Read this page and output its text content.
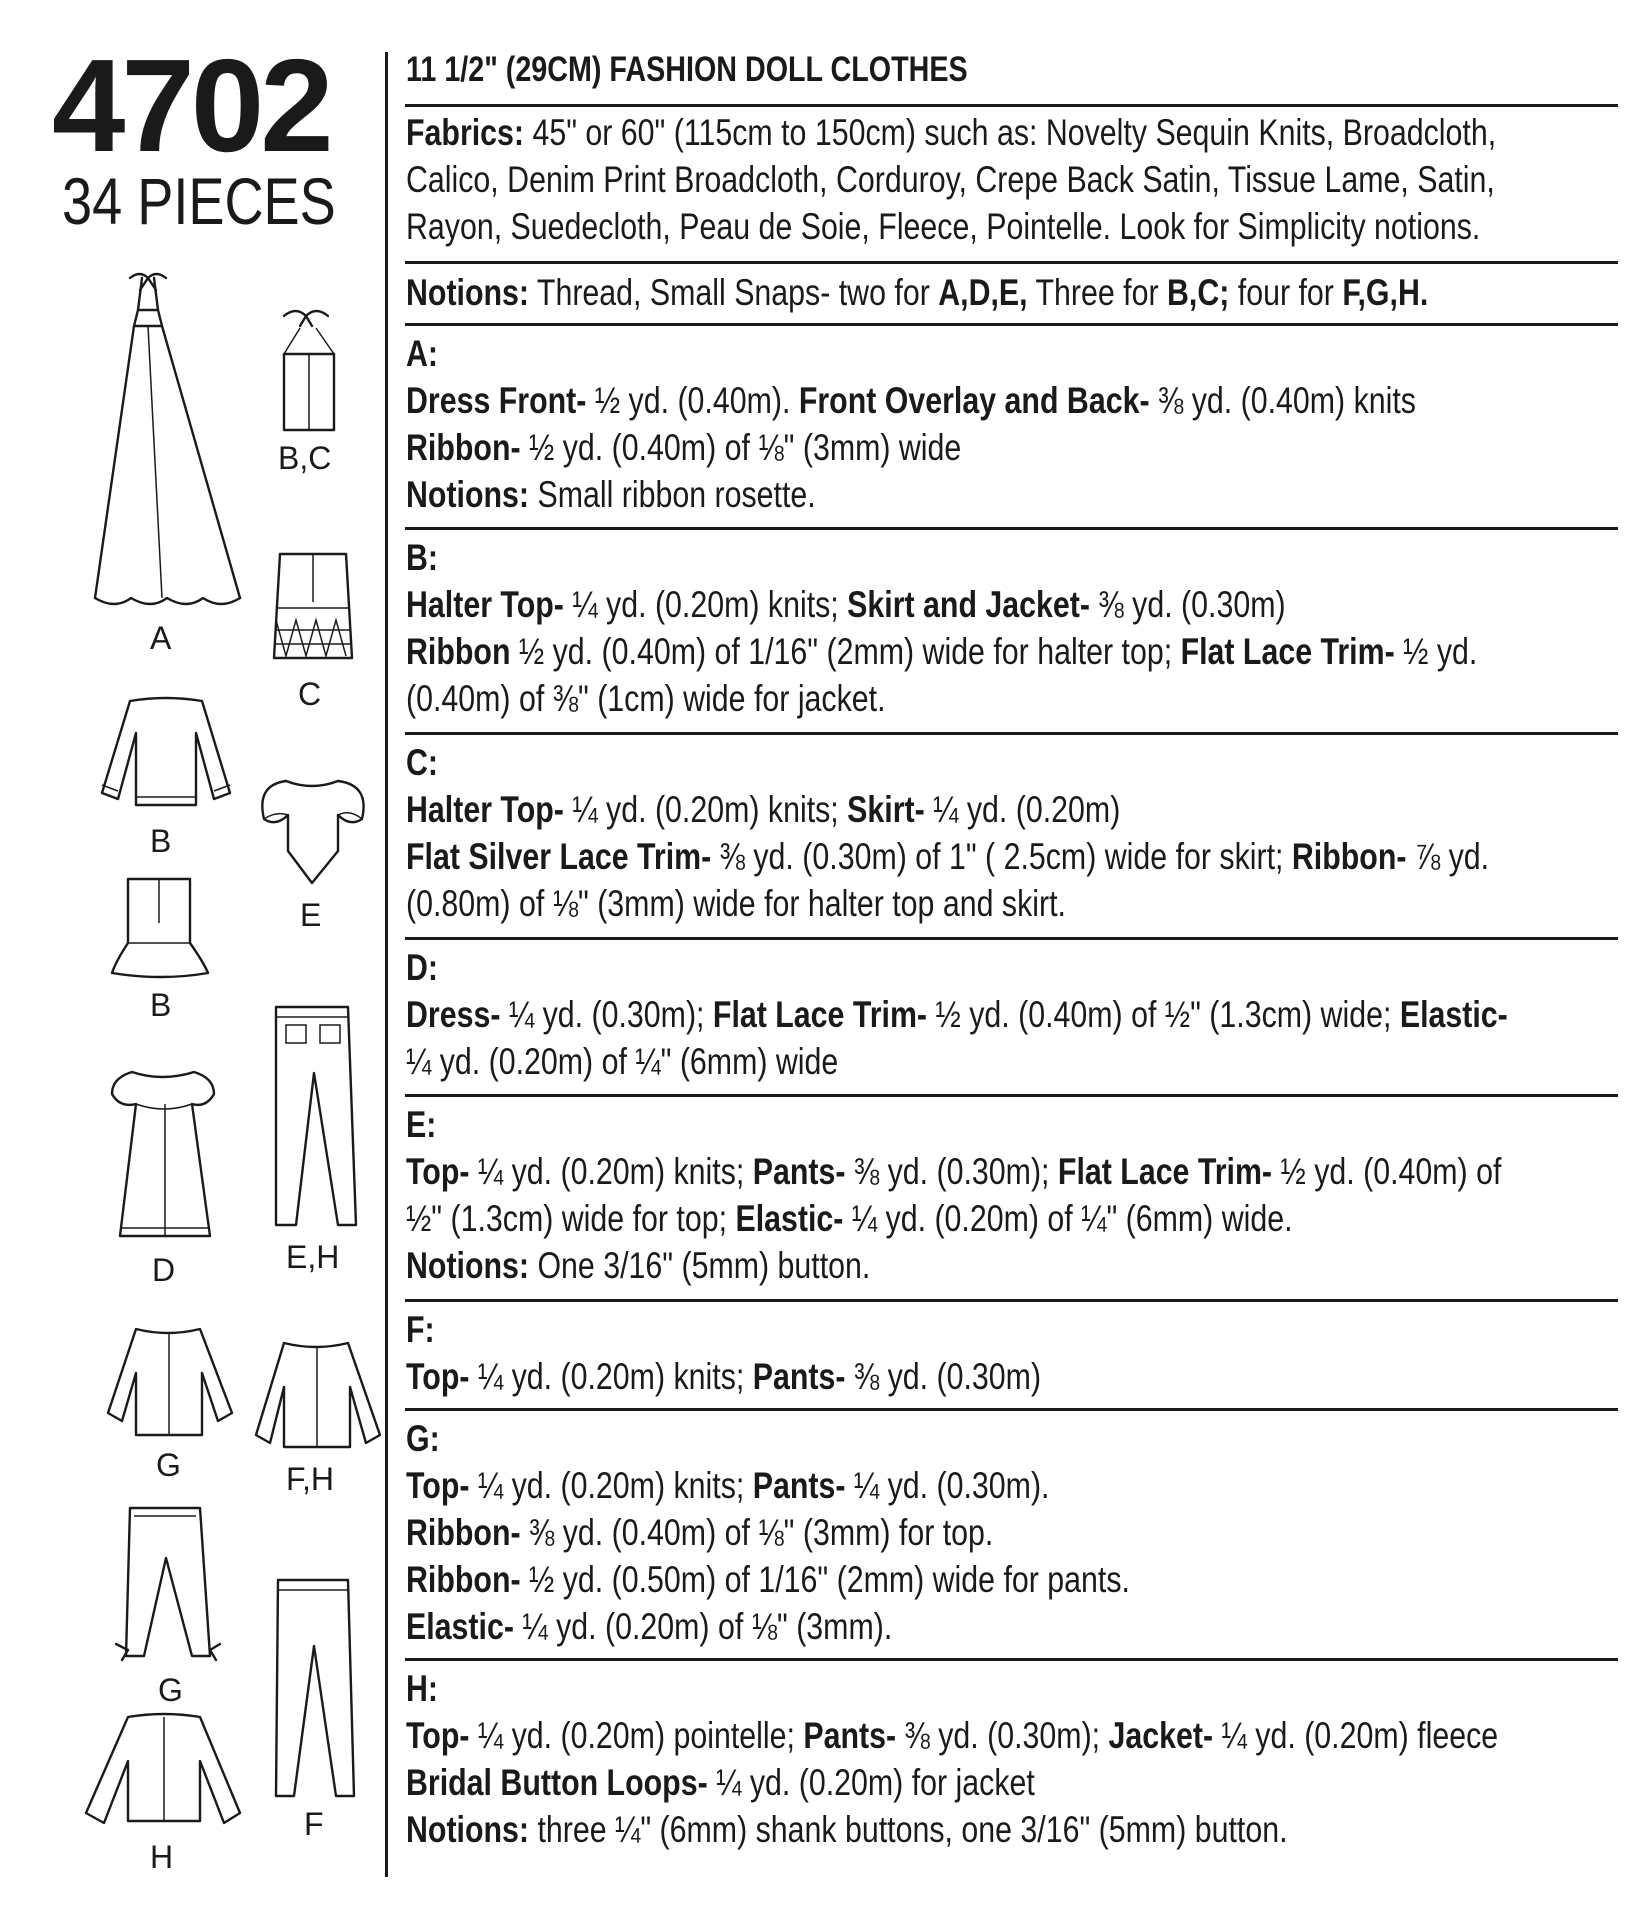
4702
34 PIECES
A
B,C
C
B
E
B
D	E,H
G	F,H
G
F
H
11 1/2" (29CM) FASHION DOLL CLOTHES
Fabrics: 45" or 60" (115cm to 150cm) such as: Novelty Sequin Knits, Broadcloth,
Calico, Denim Print Broadcloth, Corduroy, Crepe Back Satin, Tissue Lame, Satin,
Rayon, Suedecloth, Peau de Soie, Fleece, Pointelle. Look for Simplicity notions.
Notions: Thread, Small Snaps- two for A,D,E, Three for B,C; four for F,G,H.
A:
Dress Front- ½ yd. (0.40m). Front Overlay and Back- ⅜ yd. (0.40m) knits
Ribbon- ½ yd. (0.40m) of ⅛" (3mm) wide
Notions: Small ribbon rosette.
B:
Halter Top- ¼ yd. (0.20m) knits; Skirt and Jacket- ⅜ yd. (0.30m)
Ribbon ½ yd. (0.40m) of 1/16" (2mm) wide for halter top; Flat Lace Trim- ½ yd.
(0.40m) of ⅜" (1cm) wide for jacket.
C:
Halter Top- ¼ yd. (0.20m) knits; Skirt- ¼ yd. (0.20m)
Flat Silver Lace Trim- ⅜ yd. (0.30m) of 1" ( 2.5cm) wide for skirt; Ribbon- ⅞ yd.
(0.80m) of ⅛" (3mm) wide for halter top and skirt.
D:
Dress- ¼ yd. (0.30m); Flat Lace Trim- ½ yd. (0.40m) of ½" (1.3cm) wide; Elastic-
¼ yd. (0.20m) of ¼" (6mm) wide
E:
Top- ¼ yd. (0.20m) knits; Pants- ⅜ yd. (0.30m); Flat Lace Trim- ½ yd. (0.40m) of
½" (1.3cm) wide for top; Elastic- ¼ yd. (0.20m) of ¼" (6mm) wide.
Notions: One 3/16" (5mm) button.
F:
Top- ¼ yd. (0.20m) knits; Pants- ⅜ yd. (0.30m)
G:
Top- ¼ yd. (0.20m) knits; Pants- ¼ yd. (0.30m).
Ribbon- ⅜ yd. (0.40m) of ⅛" (3mm) for top.
Ribbon- ½ yd. (0.50m) of 1/16" (2mm) wide for pants.
Elastic- ¼ yd. (0.20m) of ⅛" (3mm).
H:
Top- ¼ yd. (0.20m) pointelle; Pants- ⅜ yd. (0.30m); Jacket- ¼ yd. (0.20m) fleece
Bridal Button Loops- ¼ yd. (0.20m) for jacket
Notions: three ¼" (6mm) shank buttons, one 3/16" (5mm) button.
